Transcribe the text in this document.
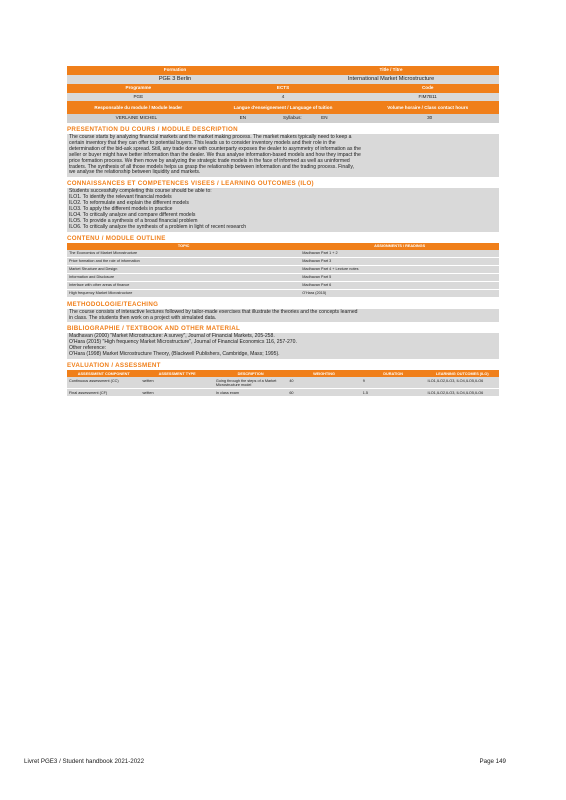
Formation	Title / Titre
PGE 3 Berlin	International Market Microstructure
Programme	ECTS	Code
PGE	4	FIM7B11
Responsable du module / Module leader	Langue d'enseignement / Language of tuition	Volume horaire / Class contact hours
VERLAINE MICHEL	EN	Syllabus:	EN	30
PRESENTATION DU COURS / MODULE DESCRIPTION
The course starts by analyzing financial markets and the market making process. The market makers typically need to keep a
certain inventory that they can offer to potential buyers. This leads us to consider inventory models and their role in the
determination of the bid-ask spread. Still, any trade done with counterparty exposes the dealer to asymmetry of information as the
seller or buyer might have better information than the dealer. We thus analyse information-based models and how they impact the
price formation process. We then move by analyzing the strategic trade models in the face of informed as well as uninformed
traders. The synthesis of all those models helps us grasp the relationship between information and the trading process. Finally,
we analyse the relationship between liquidity and markets.
CONNAISSANCES ET COMPETENCES VISEES / LEARNING OUTCOMES (ILO)
Students successfully completing this course should be able to:
ILO1. To identify the relevant financial models
ILO2. To reformulate and explain the different models
ILO3. To apply the different models in practice
ILO4. To critically analyze and compare different models
ILO5. To provide a synthesis of a broad financial problem
ILO6. To critically analyze the synthesis of a problem in light of recent research
CONTENU / MODULE OUTLINE
TOPIC	ASSIGNMENTS / READINGS
The Economics of Market Microstructure	Madhavan Part 1 + 2
Price formation and the role of information	Madhavan Part 3
Market Structure and Design	Madhavan Part 4 + Lecture notes
Information and Disclosure	Madhavan Part 5
Interface with other areas of finance	Madhavan Part 6
High frequency Market Microstructure	O'Hara (2015)
METHODOLOGIE/TEACHING
The course consists of interactive lectures followed by tailor-made exercises that illustrate the theories and the concepts learned
in class. The students then work on a project with simulated data.
BIBLIOGRAPHIE / TEXTBOOK AND OTHER MATERIAL
Madhavan (2000) "Market Microstructure: A survey", Journal of Financial Markets, 205-258.
O'Hara (2015) "High frequency Market Microstructure", Journal of Financial Economics 116, 257-270.
Other reference:
O'Hara (1998) Market Microstructure Theory, (Blackwell Publishers, Cambridge, Mass; 1995).
EVALUATION / ASSESSMENT
ASSESSMENT COMPONENT	ASSESSMENT TYPE	DESCRIPTION	WEIGHTING	DURATION	LEARNING OUTCOMES (ILO)
Continuous assessment (CC)	written	Going through the steps of a Market Microstructure model	40	9	ILO1,ILO2,ILO3, ILO4,ILO5,ILO6
Final assessment (CF)	written	In class exam	60	1.5	ILO1,ILO2,ILO3, ILO4,ILO5,ILO6
Livret PGE3 / Student handbook 2021-2022	Page 149
